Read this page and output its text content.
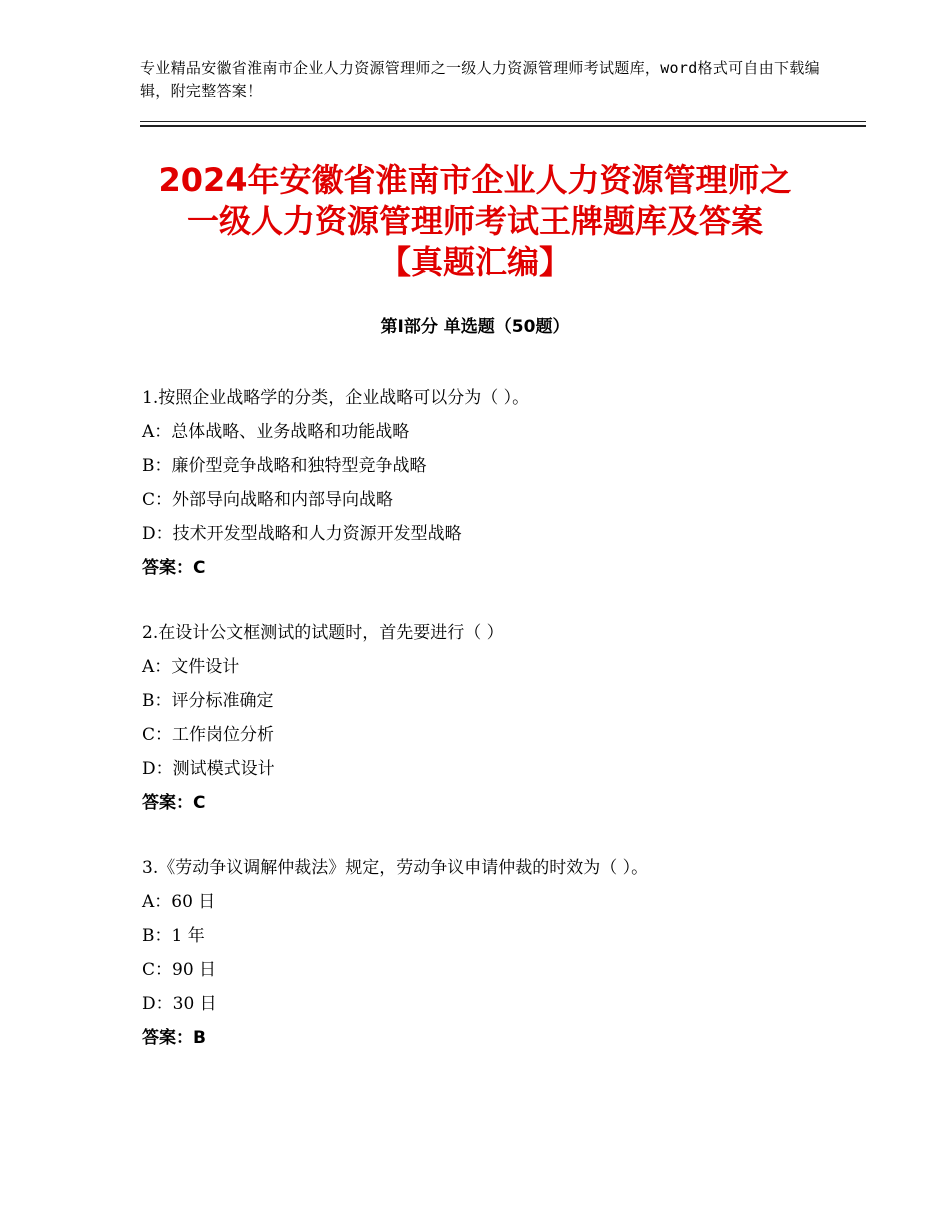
专业精品安徽省淮南市企业人力资源管理师之一级人力资源管理师考试题库，word格式可自由下载编辑，附完整答案！
2024年安徽省淮南市企业人力资源管理师之
一级人力资源管理师考试王牌题库及答案
【真题汇编】
第Ⅰ部分 单选题（50题）
1.按照企业战略学的分类，企业战略可以分为（ ）。
A：总体战略、业务战略和功能战略
B：廉价型竞争战略和独特型竞争战略
C：外部导向战略和内部导向战略
D：技术开发型战略和人力资源开发型战略
答案：C
2.在设计公文框测试的试题时，首先要进行（ ）
A：文件设计
B：评分标准确定
C：工作岗位分析
D：测试模式设计
答案：C
3.《劳动争议调解仲裁法》规定，劳动争议申请仲裁的时效为（ ）。
A：60 日
B：1 年
C：90 日
D：30 日
答案：B
